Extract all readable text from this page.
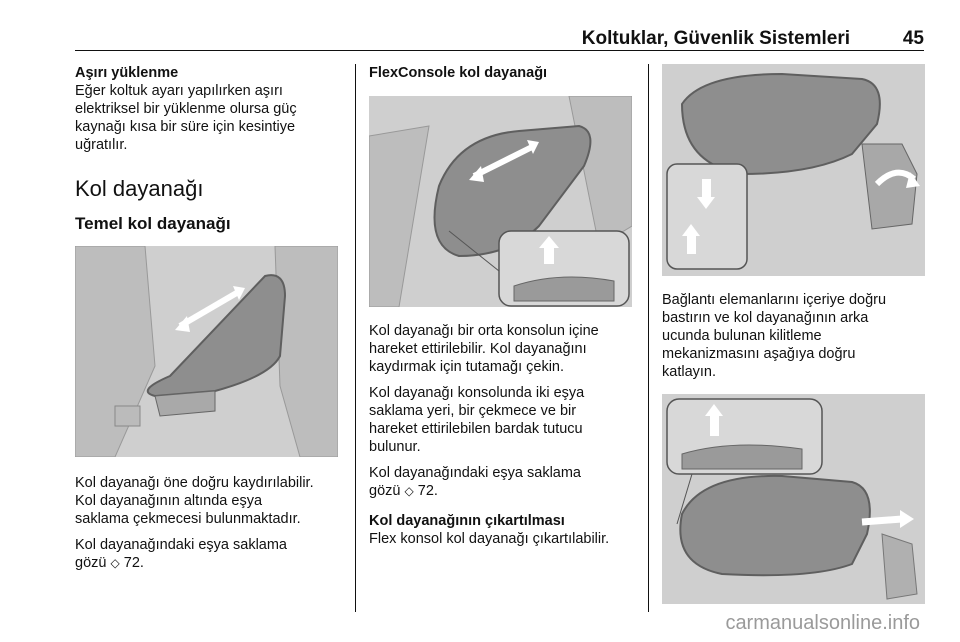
Koltuklar, Güvenlik Sistemleri	45

Aşırı yüklenme

Eğer koltuk ayarı yapılırken aşırı

elektriksel bir yüklenme olursa güç

kaynağı kısa bir süre için kesintiye

uğratılır.

Kol dayanağı

Temel kol dayanağı

Kol dayanağı öne doğru kaydırılabilir.

Kol dayanağının altında eşya

saklama çekmecesi bulunmaktadır.

Kol dayanağındaki eşya saklama

gözü ◇ 72.

FlexConsole kol dayanağı

Kol dayanağı bir orta konsolun içine

hareket ettirilebilir. Kol dayanağını

kaydırmak için tutamağı çekin.

Kol dayanağı konsolunda iki eşya

saklama yeri, bir çekmece ve bir

hareket ettirilebilen bardak tutucu

bulunur.

Kol dayanağındaki eşya saklama

gözü ◇ 72.

Kol dayanağının çıkartılması

Flex konsol kol dayanağı çıkartılabilir.

Bağlantı elemanlarını içeriye doğru

bastırın ve kol dayanağının arka

ucunda bulunan kilitleme

mekanizmasını aşağıya doğru

katlayın.

carmanualsonline.info
